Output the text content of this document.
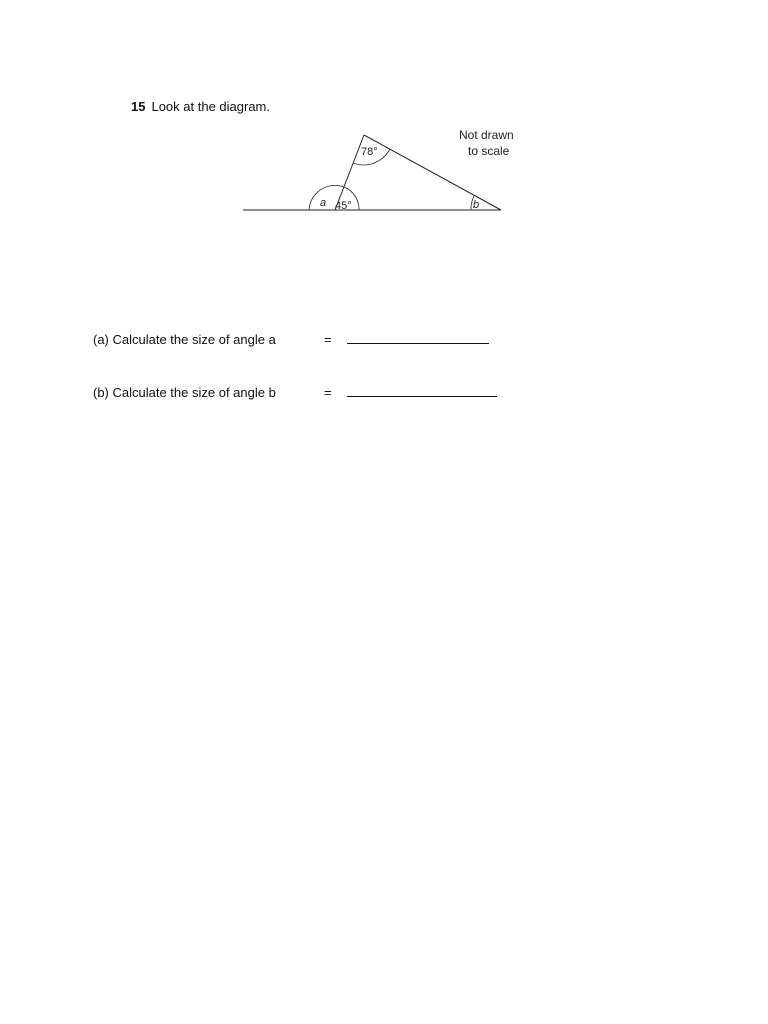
15 Look at the diagram.
78°
a 45°	b
Not drawn
to scale
(a) Calculate the size of angle a	=
(b) Calculate the size of angle b	=
